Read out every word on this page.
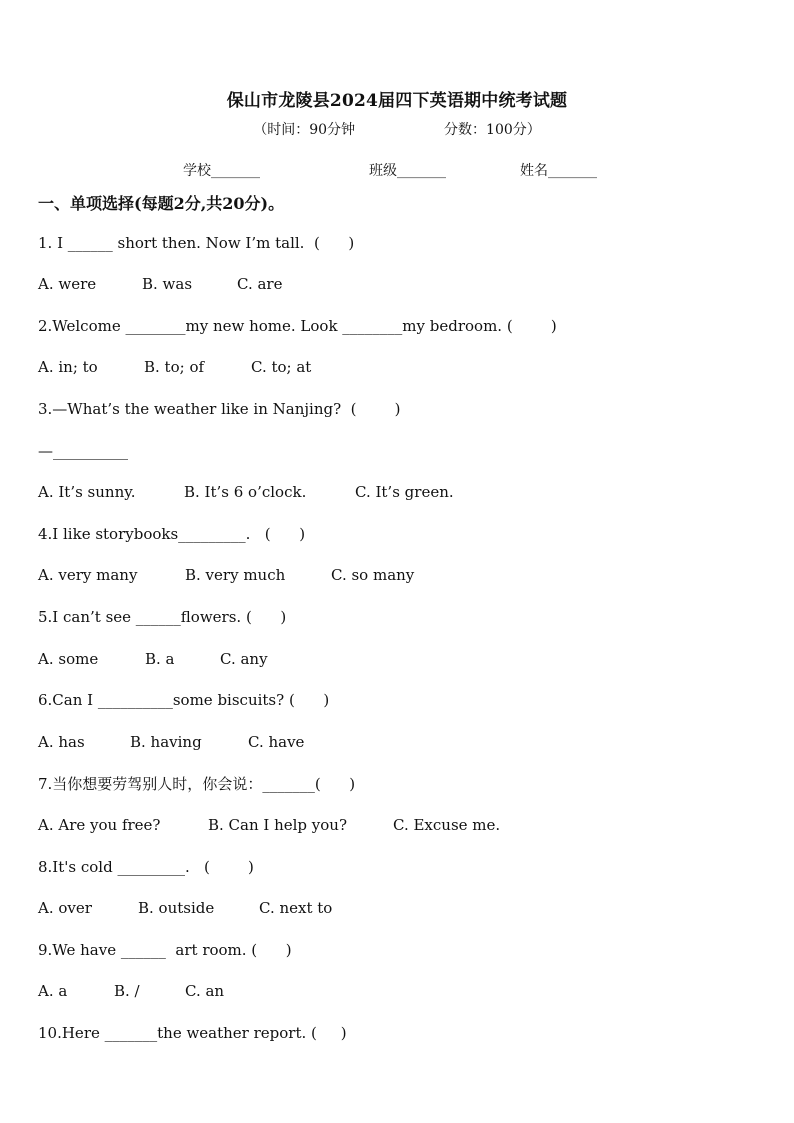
保山市龙陵县2024届四下英语期中统考试题
（时间：90分钟                    分数：100分）
学校_______	班级_______	姓名_______
一、单项选择(每题2分,共20分)。
1. I ______ short then. Now I’m tall.  (      )
A. were	B. was	C. are
2.Welcome ________my new home. Look ________my bedroom. (        )
A. in; to	B. to; of	C. to; at
3.—What’s the weather like in Nanjing?  (        )
—__________
A. It’s sunny.	B. It’s 6 o’clock.	C. It’s green.
4.I like storybooks_________.   (      )
A. very many	B. very much	C. so many
5.I can’t see ______flowers. (      )
A. some	B. a	C. any
6.Can I __________some biscuits? (      )
A. has	B. having	C. have
7.当你想要劳驾别人时，你会说：_______(      )
A. Are you free?	B. Can I help you?	C. Excuse me.
8.It's cold _________.   (        )
A. over	B. outside	C. next to
9.We have ______  art room. (      )
A. a	B. /	C. an
10.Here _______the weather report. (     )
